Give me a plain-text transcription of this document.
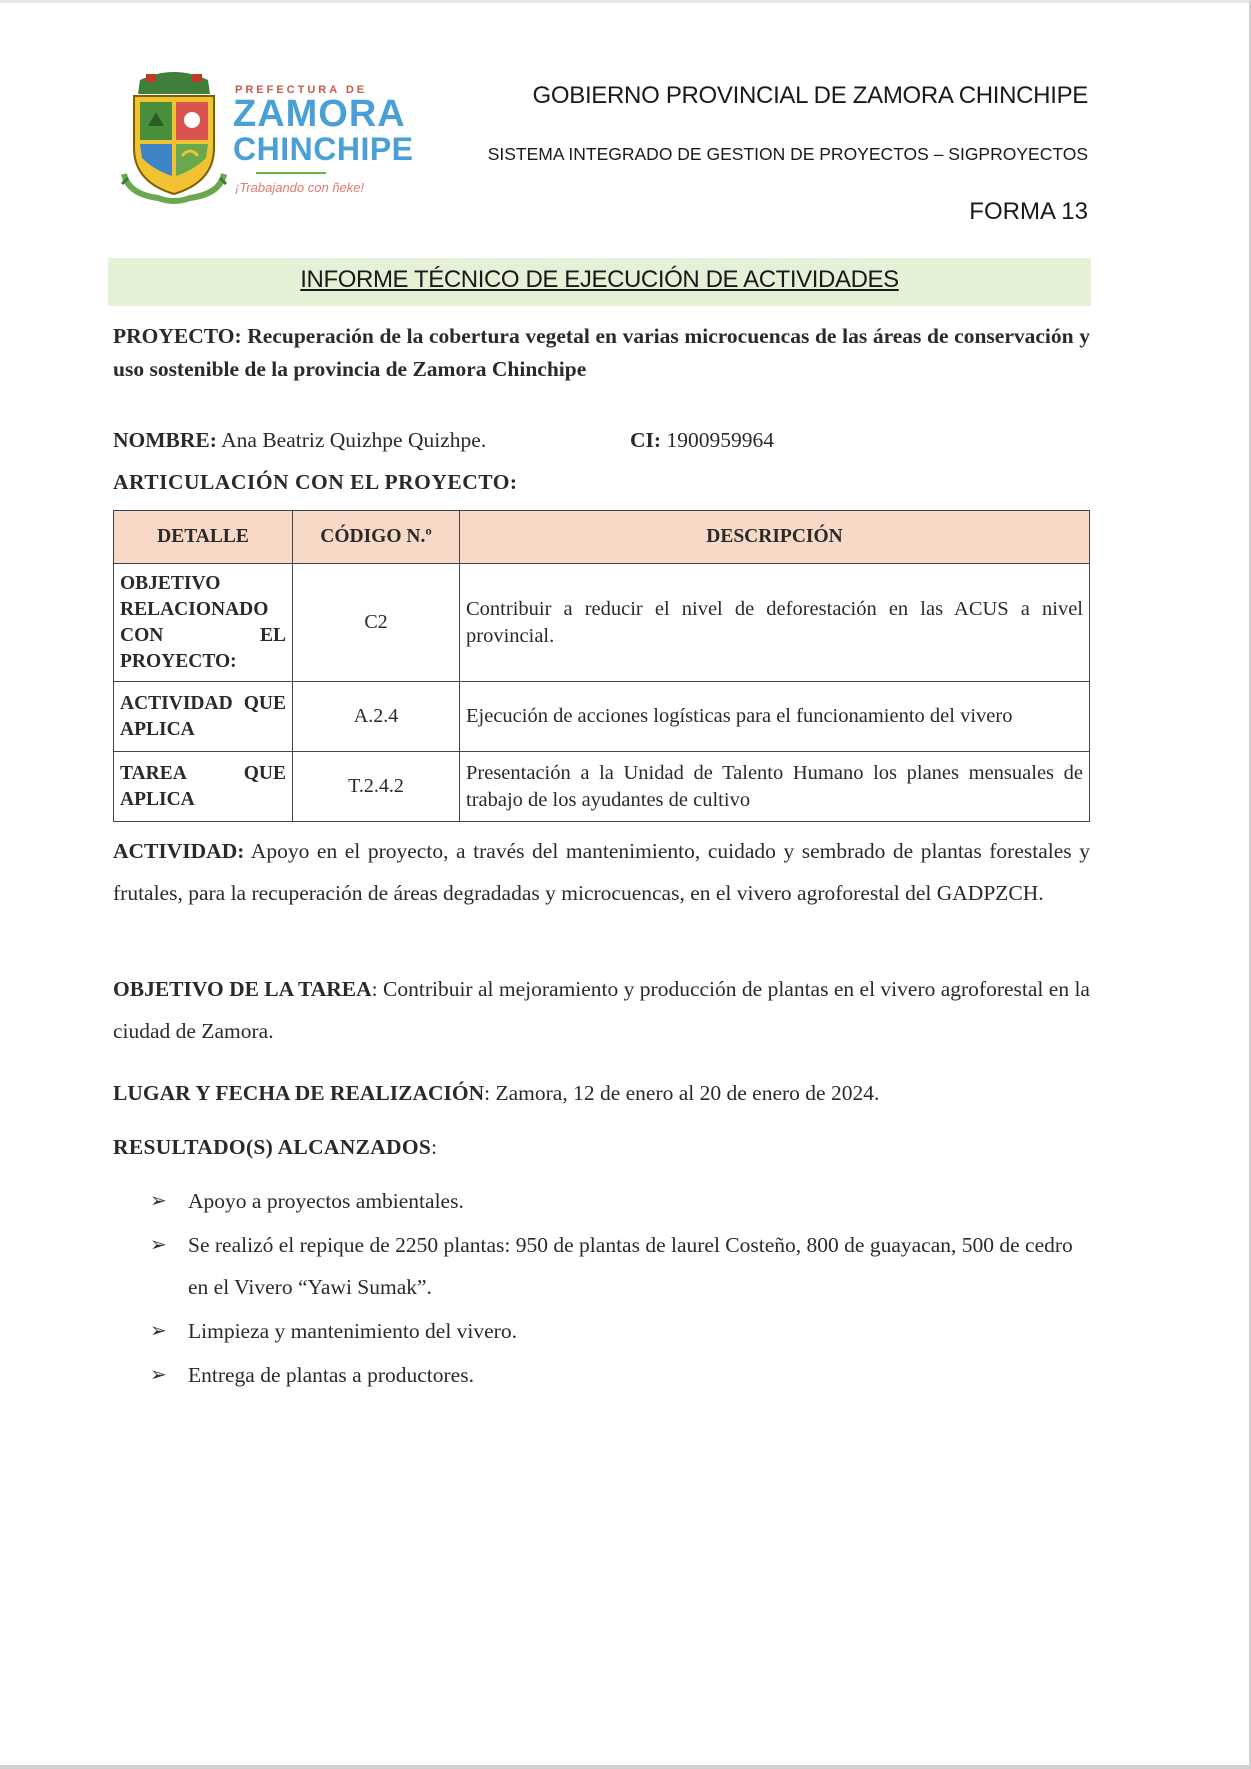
PREFECTURA DE
ZAMORA
CHINCHIPE
¡Trabajando con ñeke!
GOBIERNO PROVINCIAL DE ZAMORA CHINCHIPE
SISTEMA INTEGRADO DE GESTION DE PROYECTOS – SIGPROYECTOS
FORMA 13
INFORME TÉCNICO DE EJECUCIÓN DE ACTIVIDADES
PROYECTO: Recuperación de la cobertura vegetal en varias microcuencas de las áreas de conservación y uso sostenible de la provincia de Zamora Chinchipe
NOMBRE: Ana Beatriz Quizhpe Quizhpe.	CI: 1900959964
ARTICULACIÓN CON EL PROYECTO:
DETALLE	CÓDIGO N.º	DESCRIPCIÓN
OBJETIVO RELACIONADO CON EL PROYECTO:	C2	Contribuir a reducir el nivel de deforestación en las ACUS a nivel provincial.
ACTIVIDAD QUE APLICA	A.2.4	Ejecución de acciones logísticas para el funcionamiento del vivero
TAREA QUE APLICA	T.2.4.2	Presentación a la Unidad de Talento Humano los planes mensuales de trabajo de los ayudantes de cultivo
ACTIVIDAD: Apoyo en el proyecto, a través del mantenimiento, cuidado y sembrado de plantas forestales y frutales, para la recuperación de áreas degradadas y microcuencas, en el vivero agroforestal del GADPZCH.
OBJETIVO DE LA TAREA: Contribuir al mejoramiento y producción de plantas en el vivero agroforestal en la ciudad de Zamora.
LUGAR Y FECHA DE REALIZACIÓN: Zamora, 12 de enero al 20 de enero de 2024.
RESULTADO(S) ALCANZADOS:
➢ Apoyo a proyectos ambientales.
➢ Se realizó el repique de 2250 plantas: 950 de plantas de laurel Costeño, 800 de guayacan, 500 de cedro en el Vivero “Yawi Sumak”.
➢ Limpieza y mantenimiento del vivero.
➢ Entrega de plantas a productores.
